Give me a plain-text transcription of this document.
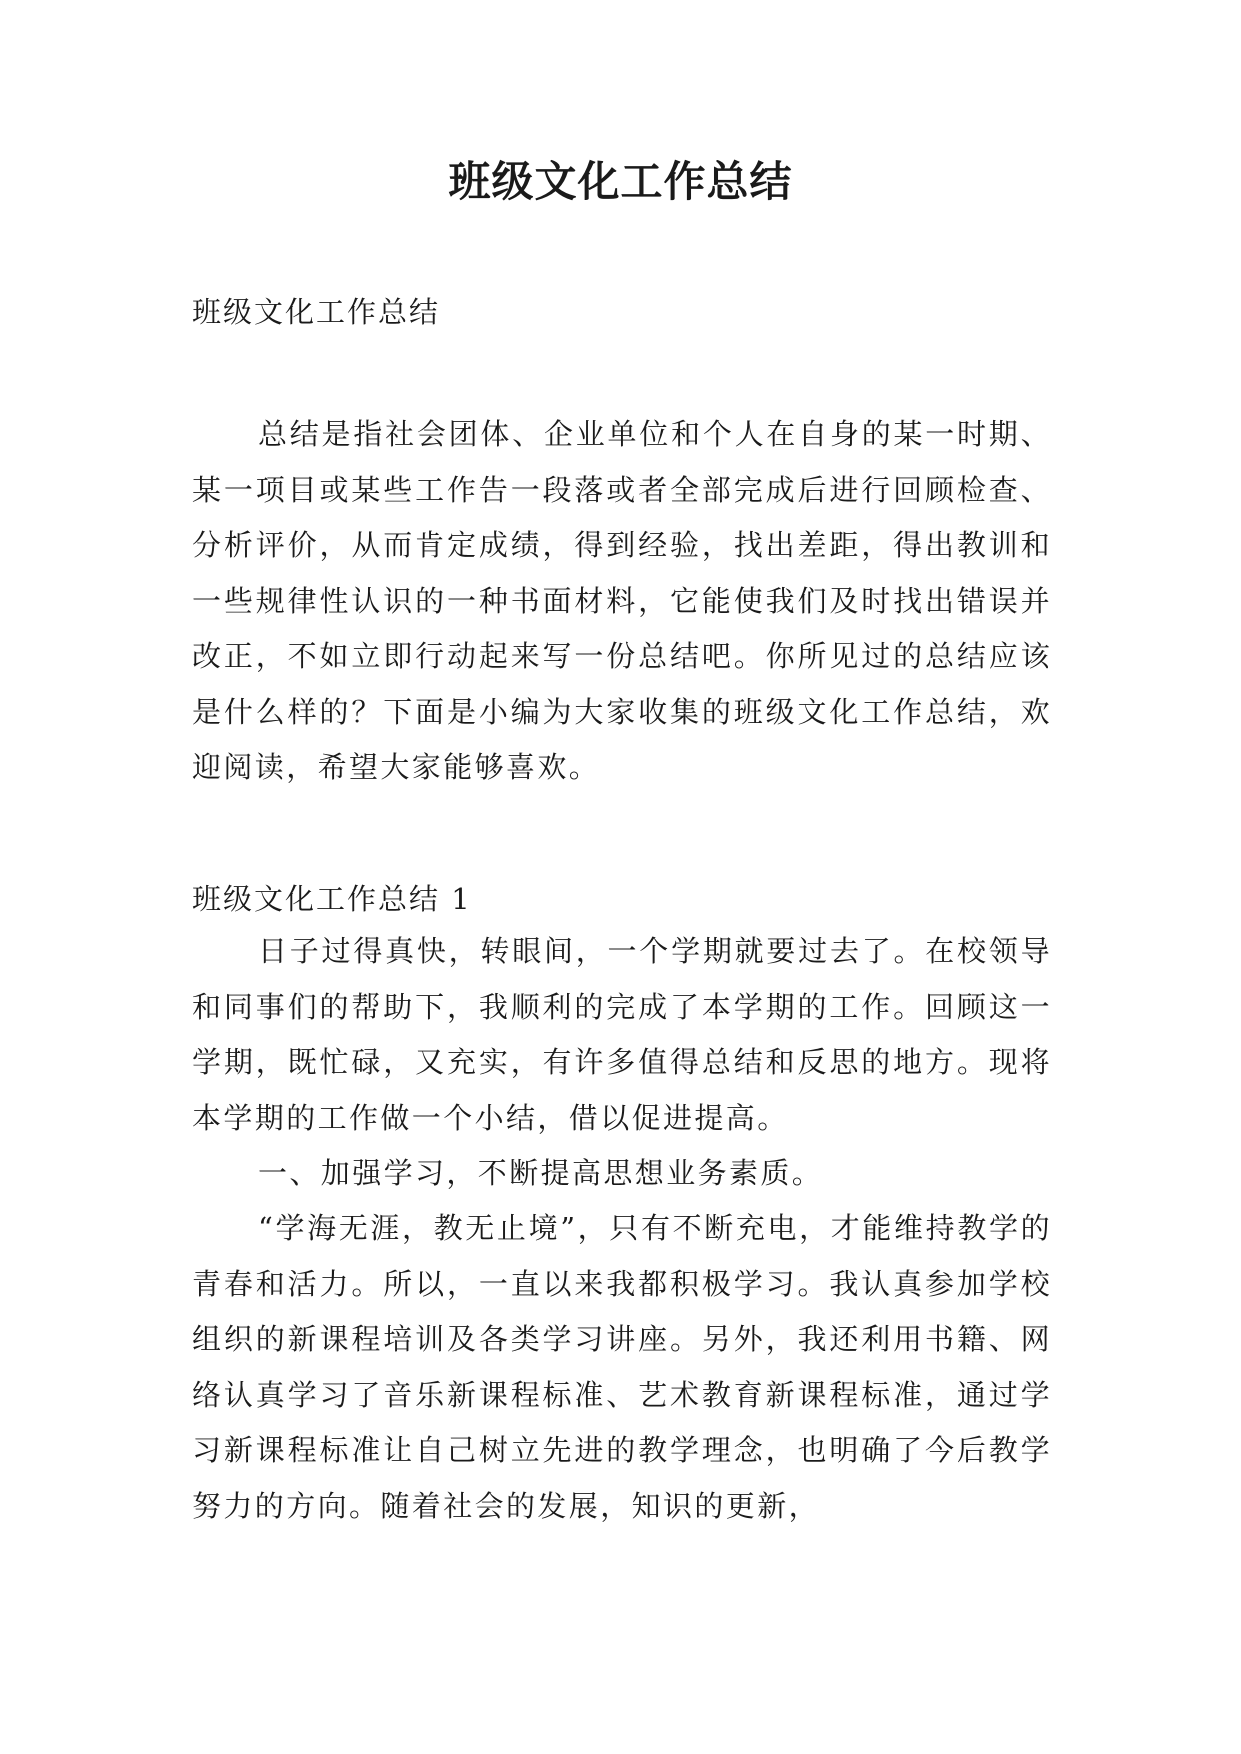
班级文化工作总结
班级文化工作总结

总结是指社会团体、企业单位和个人在自身的某一时期、某一项目或某些工作告一段落或者全部完成后进行回顾检查、分析评价，从而肯定成绩，得到经验，找出差距，得出教训和一些规律性认识的一种书面材料，它能使我们及时找出错误并改正，不如立即行动起来写一份总结吧。你所见过的总结应该是什么样的？下面是小编为大家收集的班级文化工作总结，欢迎阅读，希望大家能够喜欢。

班级文化工作总结 1

日子过得真快，转眼间，一个学期就要过去了。在校领导和同事们的帮助下，我顺利的完成了本学期的工作。回顾这一学期，既忙碌，又充实，有许多值得总结和反思的地方。现将本学期的工作做一个小结，借以促进提高。

一、加强学习，不断提高思想业务素质。

“学海无涯，教无止境”，只有不断充电，才能维持教学的青春和活力。所以，一直以来我都积极学习。我认真参加学校组织的新课程培训及各类学习讲座。另外，我还利用书籍、网络认真学习了音乐新课程标准、艺术教育新课程标准，通过学习新课程标准让自己树立先进的教学理念，也明确了今后教学努力的方向。随着社会的发展，知识的更新，
